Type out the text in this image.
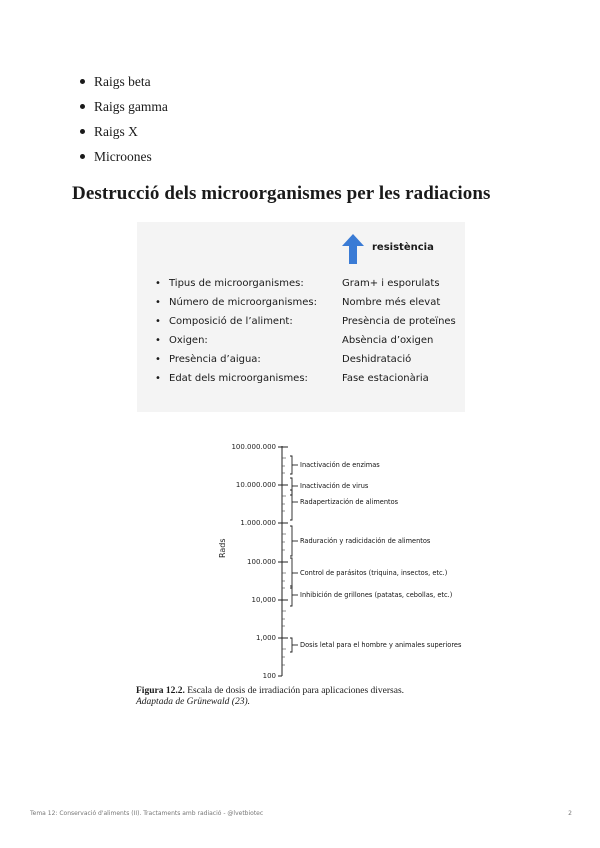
Raigs beta
Raigs gamma
Raigs X
Microones
Destrucció dels microorganismes per les radiacions
resistència
• Tipus de microorganismes:	Gram+ i esporulats
• Número de microorganismes:	Nombre més elevat
• Composició de l’aliment:	Presència de proteïnes
• Oxigen:	Absència d’oxigen
• Presència d’aigua:	Deshidratació
• Edat dels microorganismes:	Fase estacionària
100.000.000
10.000.000
1.000.000
100.000
10,000
1,000
100
Rads
Inactivación de enzimas
Inactivación de virus
Radapertización de alimentos
Raduración y radicidación de alimentos
Control de parásitos (triquina, insectos, etc.)
Inhibición de grillones (patatas, cebollas, etc.)
Dosis letal para el hombre y animales superiores
Figura 12.2. Escala de dosis de irradiación para aplicaciones diversas.
Adaptada de Grünewald (23).
Tema 12: Conservació d'aliments (II). Tractaments amb radiació - @lvetbiotec	2
